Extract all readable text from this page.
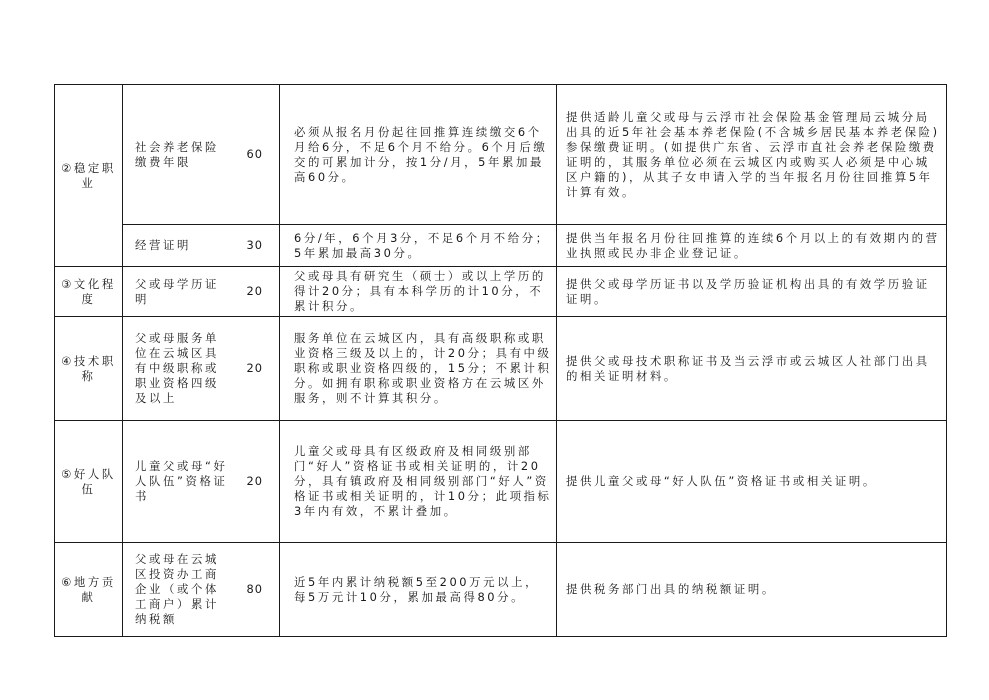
②稳定职业	社会养老保险缴费年限	60	必须从报名月份起往回推算连续缴交6个月给6分，不足6个月不给分。6个月后缴交的可累加计分，按1分/月，5年累加最高60分。	提供适龄儿童父或母与云浮市社会保险基金管理局云城分局出具的近5年社会基本养老保险(不含城乡居民基本养老保险)参保缴费证明。(如提供广东省、云浮市直社会养老保险缴费证明的，其服务单位必须在云城区内或购买人必须是中心城区户籍的)，从其子女申请入学的当年报名月份往回推算5年计算有效。
	经营证明	30	6分/年，6个月3分，不足6个月不给分；5年累加最高30分。	提供当年报名月份往回推算的连续6个月以上的有效期内的营业执照或民办非企业登记证。
③文化程度	父或母学历证明	20	父或母具有研究生（硕士）或以上学历的得计20分；具有本科学历的计10分，不累计积分。	提供父或母学历证书以及学历验证机构出具的有效学历验证证明。
④技术职称	父或母服务单位在云城区具有中级职称或职业资格四级及以上	20	服务单位在云城区内，具有高级职称或职业资格三级及以上的，计20分；具有中级职称或职业资格四级的，15分；不累计积分。如拥有职称或职业资格方在云城区外服务，则不计算其积分。	提供父或母技术职称证书及当云浮市或云城区人社部门出具的相关证明材料。
⑤好人队伍	儿童父或母“好人队伍”资格证书	20	儿童父或母具有区级政府及相同级别部门“好人”资格证书或相关证明的，计20分，具有镇政府及相同级别部门“好人”资格证书或相关证明的，计10分；此项指标3年内有效，不累计叠加。	提供儿童父或母“好人队伍”资格证书或相关证明。
⑥地方贡献	父或母在云城区投资办工商企业（或个体工商户）累计纳税额	80	近5年内累计纳税额5至200万元以上，每5万元计10分，累加最高得80分。	提供税务部门出具的纳税额证明。
